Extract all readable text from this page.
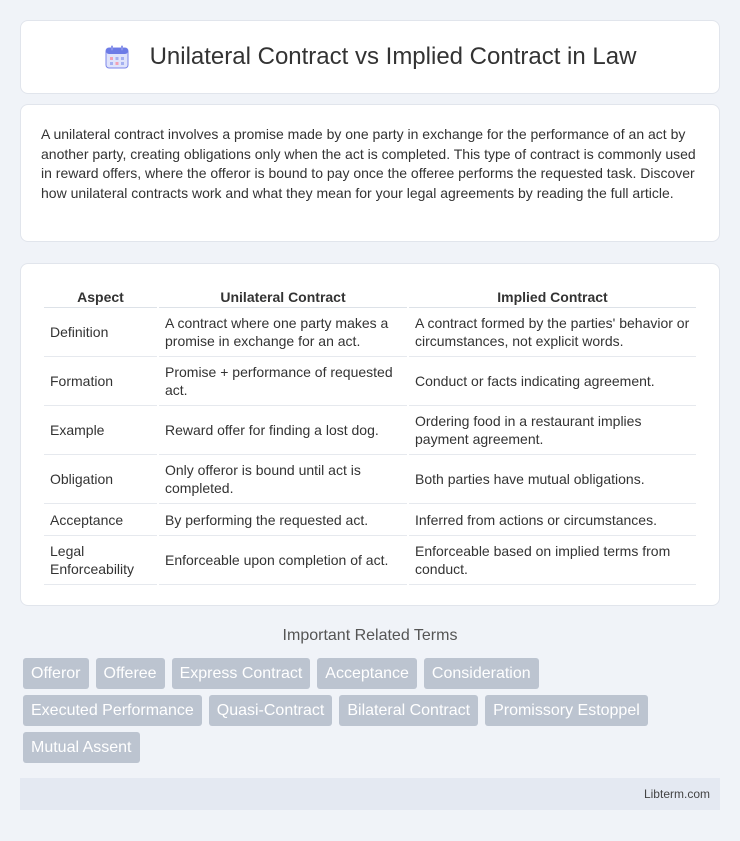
Unilateral Contract vs Implied Contract in Law

A unilateral contract involves a promise made by one party in exchange for the performance of an act by another party, creating obligations only when the act is completed. This type of contract is commonly used in reward offers, where the offeror is bound to pay once the offeree performs the requested task. Discover how unilateral contracts work and what they mean for your legal agreements by reading the full article.

Aspect	Unilateral Contract	Implied Contract
Definition	A contract where one party makes a promise in exchange for an act.	A contract formed by the parties' behavior or circumstances, not explicit words.
Formation	Promise + performance of requested act.	Conduct or facts indicating agreement.
Example	Reward offer for finding a lost dog.	Ordering food in a restaurant implies payment agreement.
Obligation	Only offeror is bound until act is completed.	Both parties have mutual obligations.
Acceptance	By performing the requested act.	Inferred from actions or circumstances.
Legal Enforceability	Enforceable upon completion of act.	Enforceable based on implied terms from conduct.
Important Related Terms
Offeror	Offeree	Express Contract	Acceptance	Consideration
Executed Performance	Quasi-Contract	Bilateral Contract	Promissory Estoppel
Mutual Assent
Libterm.com
